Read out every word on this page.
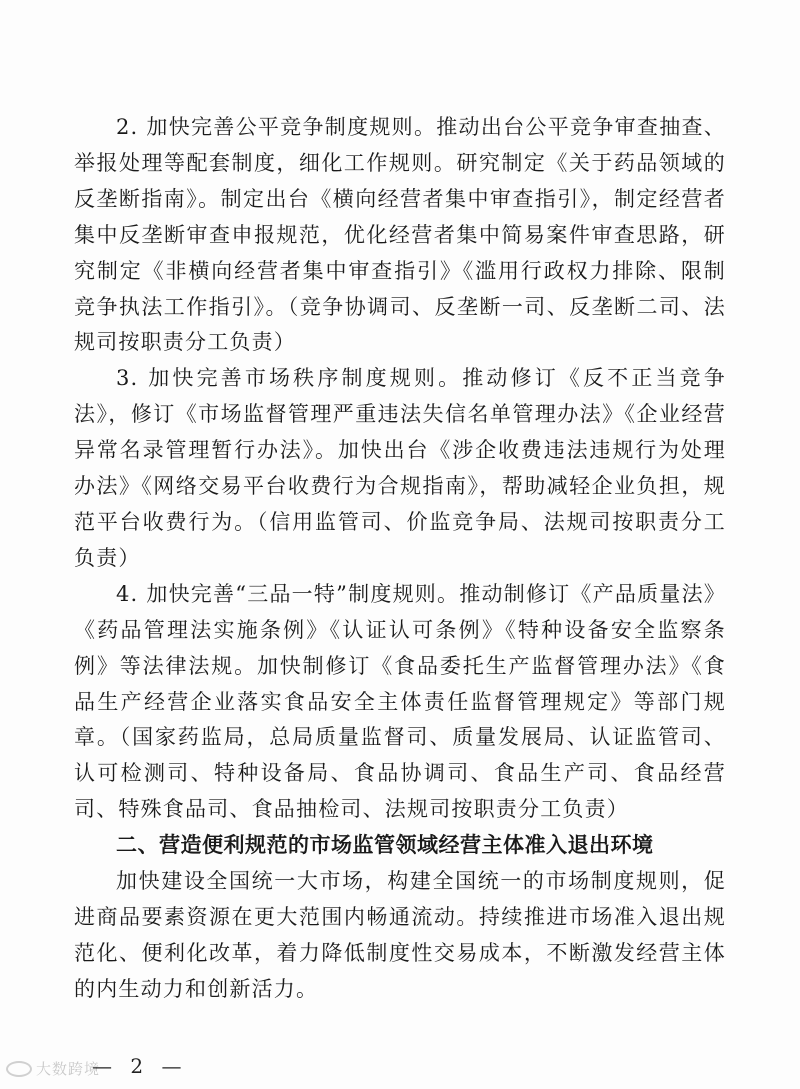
2. 加快完善公平竞争制度规则。推动出台公平竞争审查抽查、举报处理等配套制度，细化工作规则。研究制定《关于药品领域的反垄断指南》。制定出台《横向经营者集中审查指引》，制定经营者集中反垄断审查申报规范，优化经营者集中简易案件审查思路，研究制定《非横向经营者集中审查指引》《滥用行政权力排除、限制竞争执法工作指引》。（竞争协调司、反垄断一司、反垄断二司、法规司按职责分工负责）

3. 加快完善市场秩序制度规则。推动修订《反不正当竞争法》，修订《市场监督管理严重违法失信名单管理办法》《企业经营异常名录管理暂行办法》。加快出台《涉企收费违法违规行为处理办法》《网络交易平台收费行为合规指南》，帮助减轻企业负担，规范平台收费行为。（信用监管司、价监竞争局、法规司按职责分工负责）

4. 加快完善“三品一特”制度规则。推动制修订《产品质量法》《药品管理法实施条例》《认证认可条例》《特种设备安全监察条例》等法律法规。加快制修订《食品委托生产监督管理办法》《食品生产经营企业落实食品安全主体责任监督管理规定》等部门规章。（国家药监局，总局质量监督司、质量发展局、认证监管司、认可检测司、特种设备局、食品协调司、食品生产司、食品经营司、特殊食品司、食品抽检司、法规司按职责分工负责）

二、营造便利规范的市场监管领域经营主体准入退出环境

加快建设全国统一大市场，构建全国统一的市场制度规则，促进商品要素资源在更大范围内畅通流动。持续推进市场准入退出规范化、便利化改革，着力降低制度性交易成本，不断激发经营主体的内生动力和创新活力。

大数跨境
— 2 —
